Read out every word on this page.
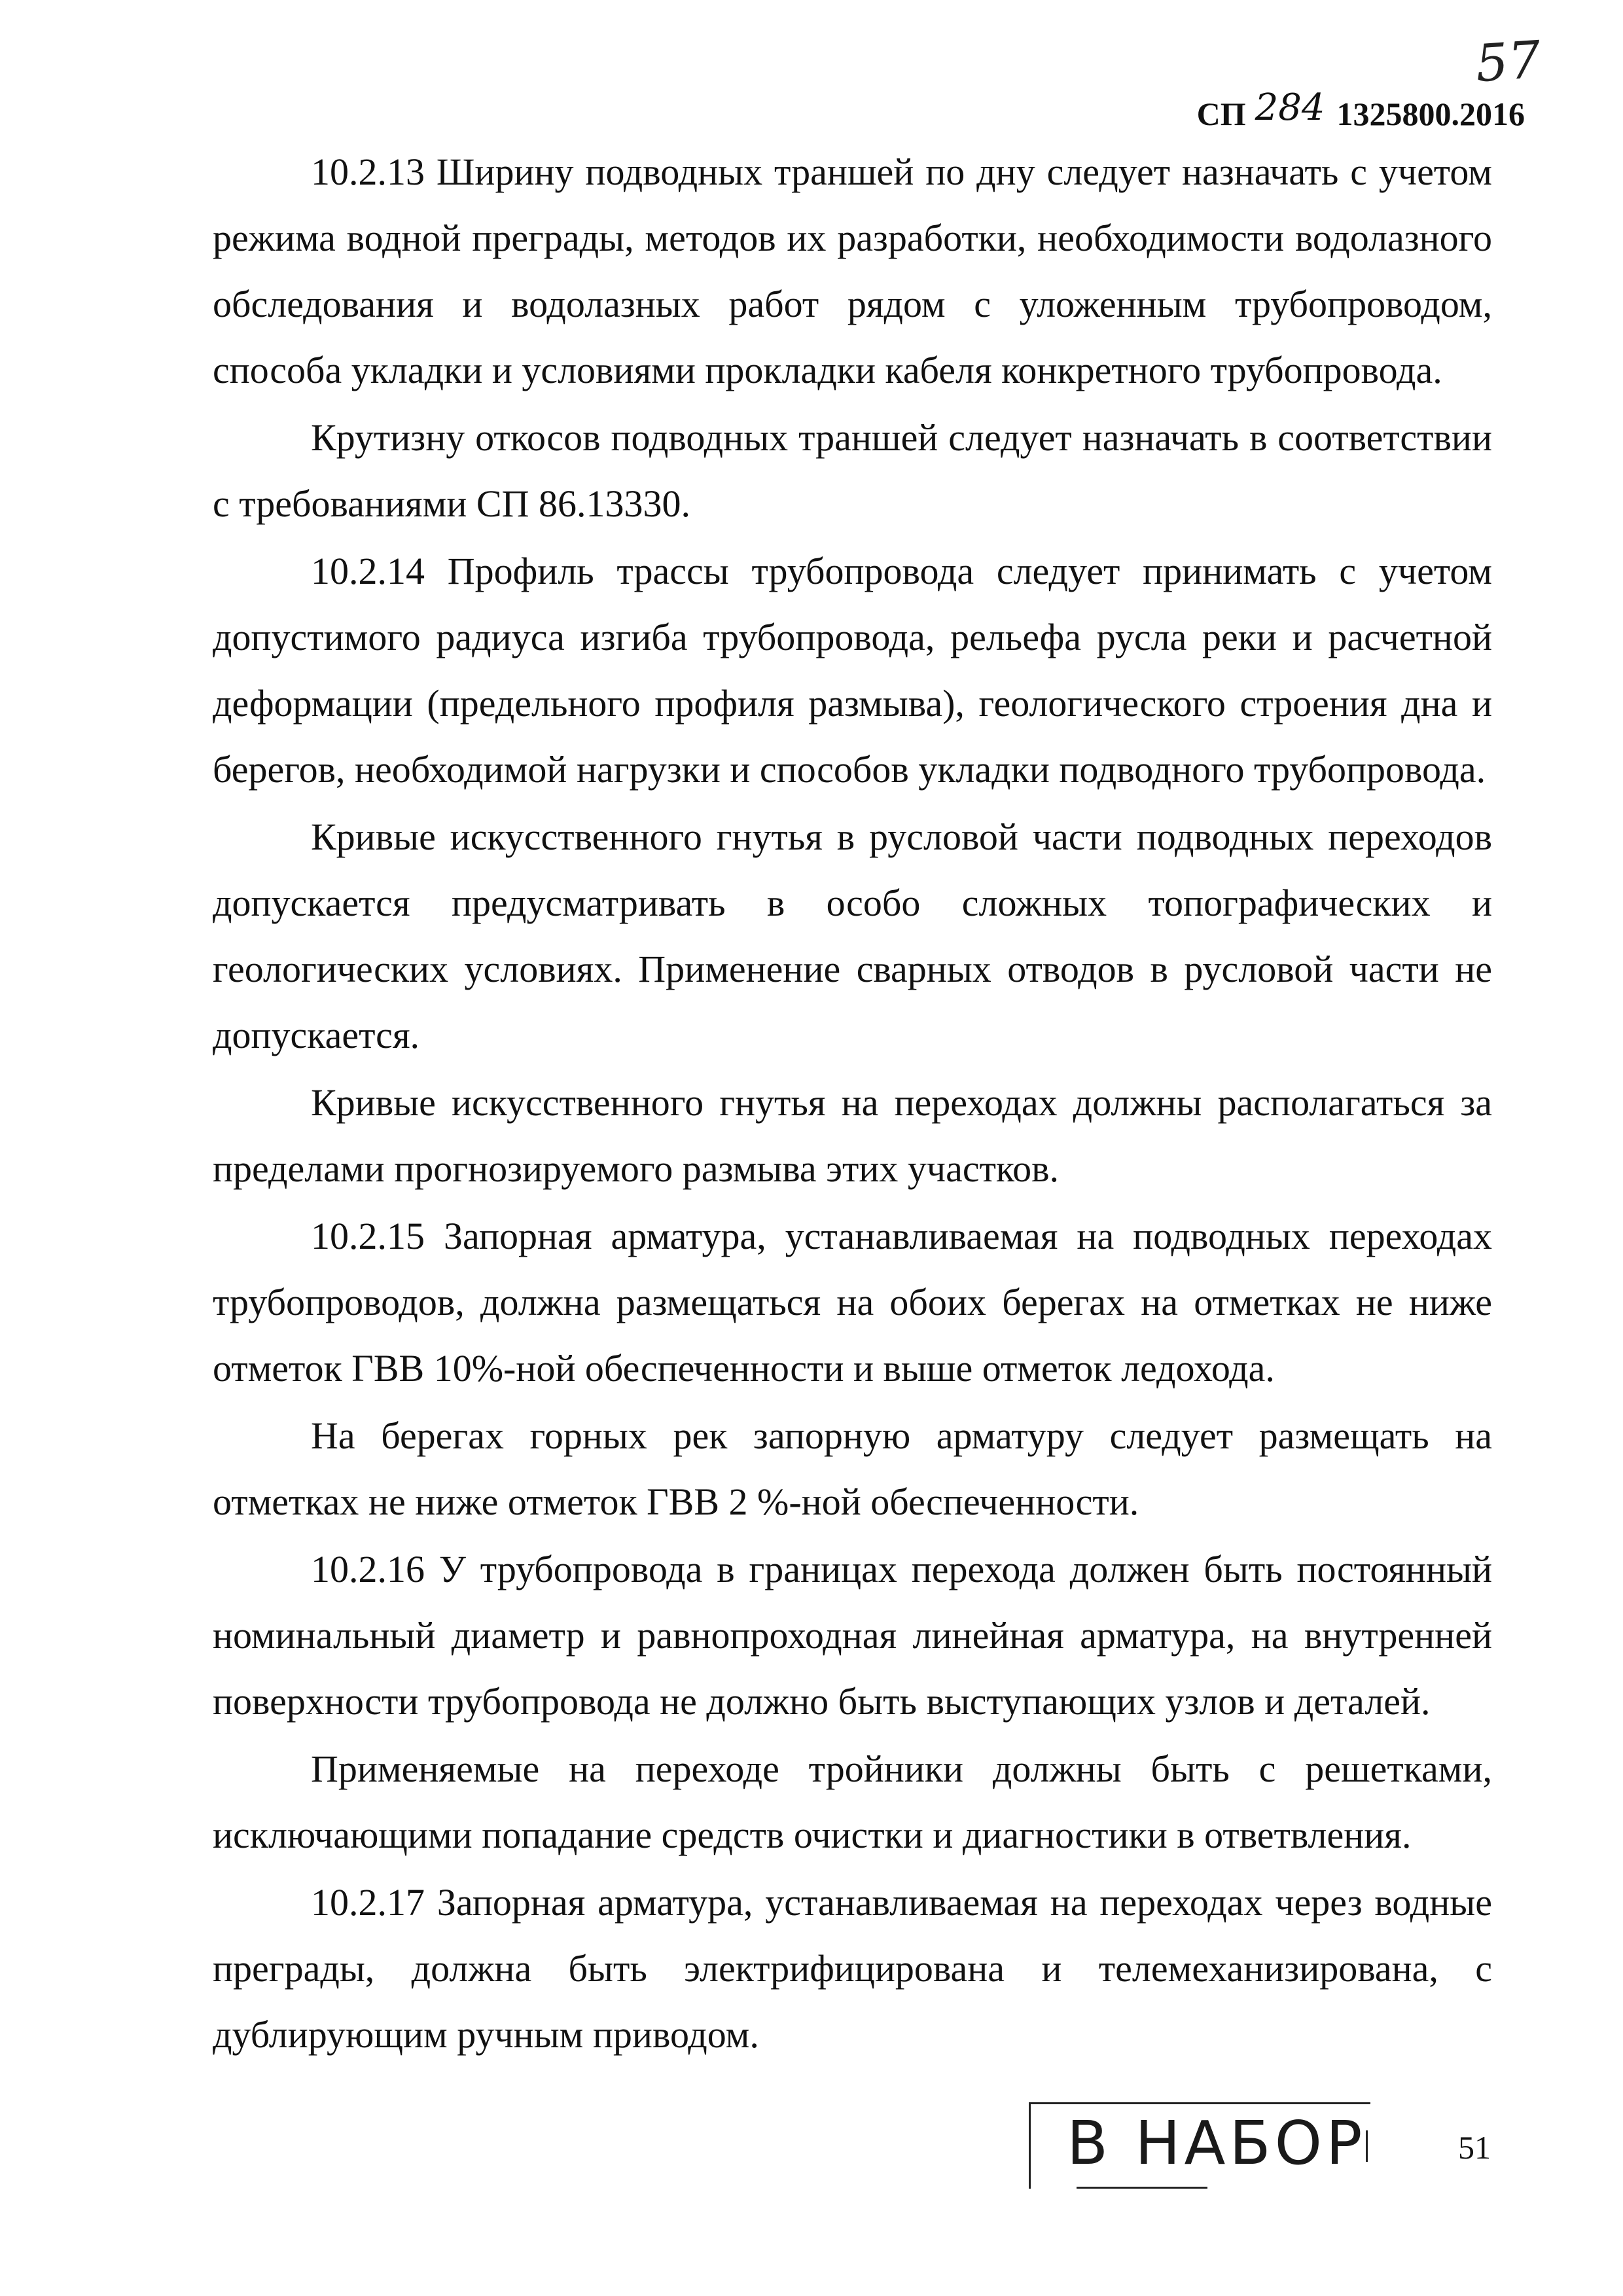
57
СП 284 1325800.2016

10.2.13 Ширину подводных траншей по дну следует назначать с учетом режима водной преграды, методов их разработки, необходимости водолазного обследования и водолазных работ рядом с уложенным трубопроводом, способа укладки и условиями прокладки кабеля конкретного трубопровода.

Крутизну откосов подводных траншей следует назначать в соответствии с требованиями СП 86.13330.

10.2.14 Профиль трассы трубопровода следует принимать с учетом допустимого радиуса изгиба трубопровода, рельефа русла реки и расчетной деформации (предельного профиля размыва), геологического строения дна и берегов, необходимой нагрузки и способов укладки подводного трубопровода.

Кривые искусственного гнутья в русловой части подводных переходов допускается предусматривать в особо сложных топографических и геологических условиях. Применение сварных отводов в русловой части не допускается.

Кривые искусственного гнутья на переходах должны располагаться за пределами прогнозируемого размыва этих участков.

10.2.15 Запорная арматура, устанавливаемая на подводных переходах трубопроводов, должна размещаться на обоих берегах на отметках не ниже отметок ГВВ 10%-ной обеспеченности и выше отметок ледохода.

На берегах горных рек запорную арматуру следует размещать на отметках не ниже отметок ГВВ 2 %-ной обеспеченности.

10.2.16 У трубопровода в границах перехода должен быть постоянный номинальный диаметр и равнопроходная линейная арматура, на внутренней поверхности трубопровода не должно быть выступающих узлов и деталей.

Применяемые на переходе тройники должны быть с решетками, исключающими попадание средств очистки и диагностики в ответвления.

10.2.17 Запорная арматура, устанавливаемая на переходах через водные преграды, должна быть электрифицирована и телемеханизирована, с дублирующим ручным приводом.

В НАБОР	51
